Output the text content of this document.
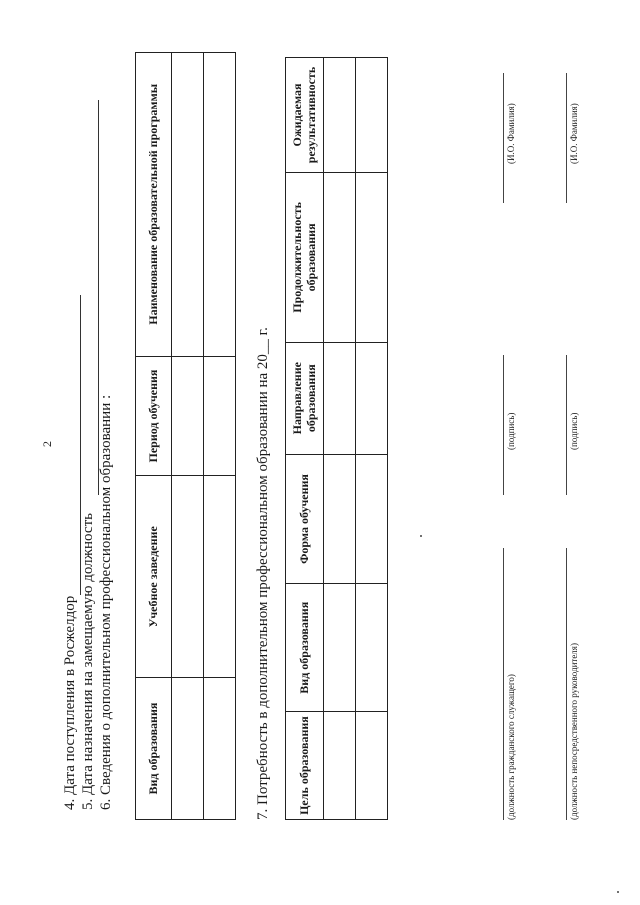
2
4. Дата поступления в Росжелдор 5. Дата назначения на замещаемую должность 6. Сведения о дополнительном профессиональном образовании :	Вид образования	Учебное заведение	Период обучения	Наименование образовательной программы

7. Потребность в дополнительном профессиональном образовании на 20__ г. Цель образования	Вид образования	Форма обучения	Направление образования	Продолжительность образования	Ожидаемая результативность

(должность гражданского служащего)
(подпись)
(И.О. Фамилия)
(должность непосредственного руководителя)
(подпись)
(И.О. Фамилия)
